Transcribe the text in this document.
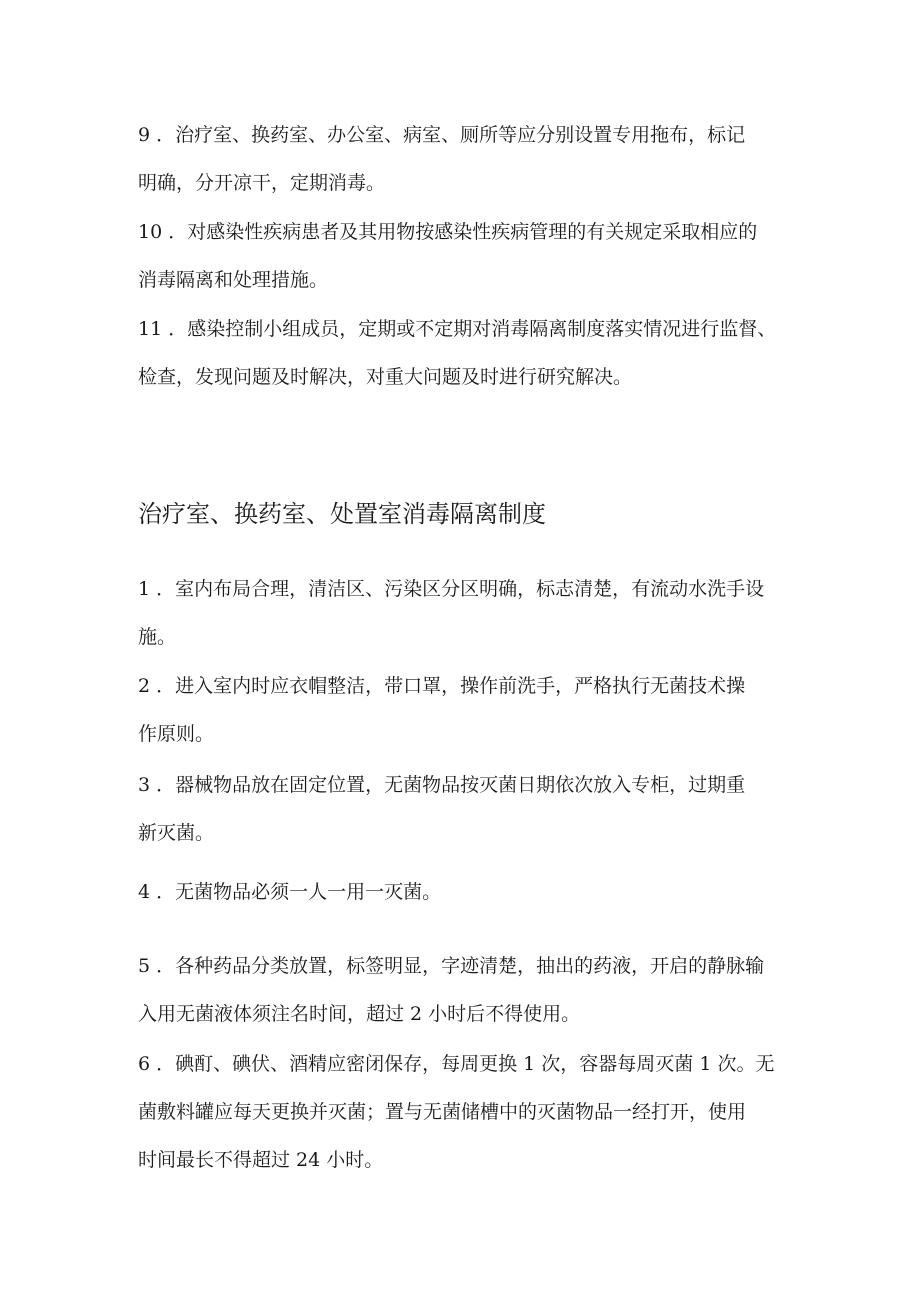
9 ．治疗室、换药室、办公室、病室、厕所等应分别设置专用拖布，标记
明确，分开凉干，定期消毒。
10 ．对感染性疾病患者及其用物按感染性疾病管理的有关规定采取相应的
消毒隔离和处理措施。
11 ．感染控制小组成员，定期或不定期对消毒隔离制度落实情况进行监督、
检查，发现问题及时解决，对重大问题及时进行研究解决。
治疗室、换药室、处置室消毒隔离制度
1 ．室内布局合理，清洁区、污染区分区明确，标志清楚，有流动水洗手设
施。
2 ．进入室内时应衣帽整洁，带口罩，操作前洗手，严格执行无菌技术操
作原则。
3 ．器械物品放在固定位置，无菌物品按灭菌日期依次放入专柜，过期重
新灭菌。
4 ．无菌物品必须一人一用一灭菌。
5 ．各种药品分类放置，标签明显，字迹清楚，抽出的药液，开启的静脉输
入用无菌液体须注名时间，超过 2 小时后不得使用。
6 ．碘酊、碘伏、酒精应密闭保存，每周更换 1 次，容器每周灭菌 1 次。无
菌敷料罐应每天更换并灭菌；置与无菌储槽中的灭菌物品一经打开，使用
时间最长不得超过 24 小时。
